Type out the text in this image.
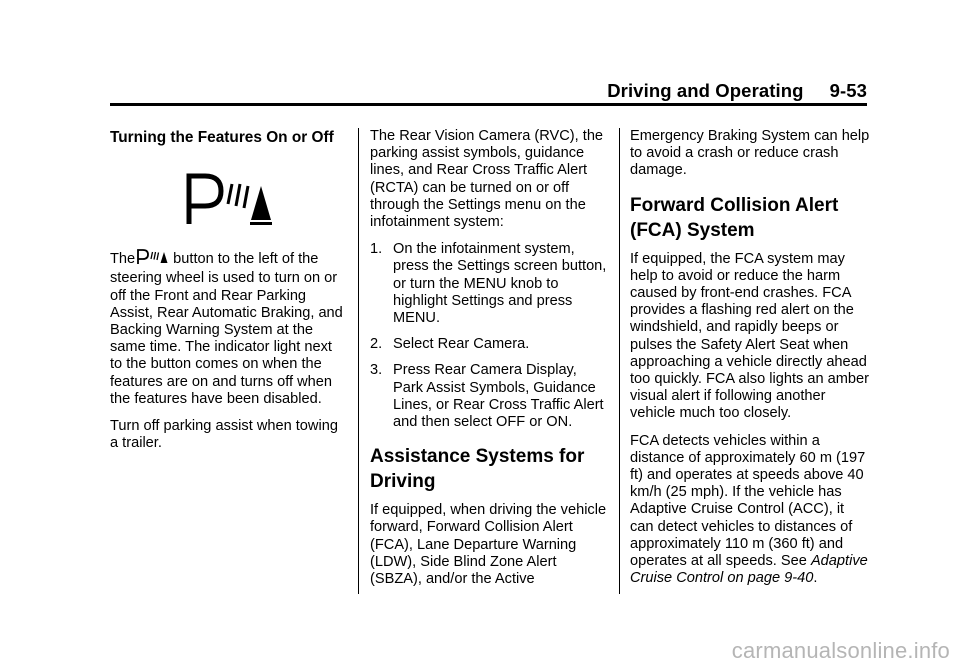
Driving and Operating 9-53
Turning the Features On or Off

The	button to the left of the steering wheel is used to turn on or off the Front and Rear Parking Assist, Rear Automatic Braking, and Backing Warning System at the same time. The indicator light next to the button comes on when the features are on and turns off when the features have been disabled.

Turn off parking assist when towing a trailer.

The Rear Vision Camera (RVC), the parking assist symbols, guidance lines, and Rear Cross Traffic Alert (RCTA) can be turned on or off through the Settings menu on the infotainment system:

1. On the infotainment system, press the Settings screen button, or turn the MENU knob to highlight Settings and press MENU.
2. Select Rear Camera.
3. Press Rear Camera Display, Park Assist Symbols, Guidance Lines, or Rear Cross Traffic Alert and then select OFF or ON.
Assistance Systems for Driving

If equipped, when driving the vehicle forward, Forward Collision Alert (FCA), Lane Departure Warning (LDW), Side Blind Zone Alert (SBZA), and/or the Active

Emergency Braking System can help to avoid a crash or reduce crash damage.

Forward Collision Alert (FCA) System

If equipped, the FCA system may help to avoid or reduce the harm caused by front-end crashes. FCA provides a flashing red alert on the windshield, and rapidly beeps or pulses the Safety Alert Seat when approaching a vehicle directly ahead too quickly. FCA also lights an amber visual alert if following another vehicle much too closely.

FCA detects vehicles within a distance of approximately 60 m (197 ft) and operates at speeds above 40 km/h (25 mph). If the vehicle has Adaptive Cruise Control (ACC), it can detect vehicles to distances of approximately 110 m (360 ft) and operates at all speeds. See Adaptive Cruise Control on page 9-40.

carmanualsonline.info
